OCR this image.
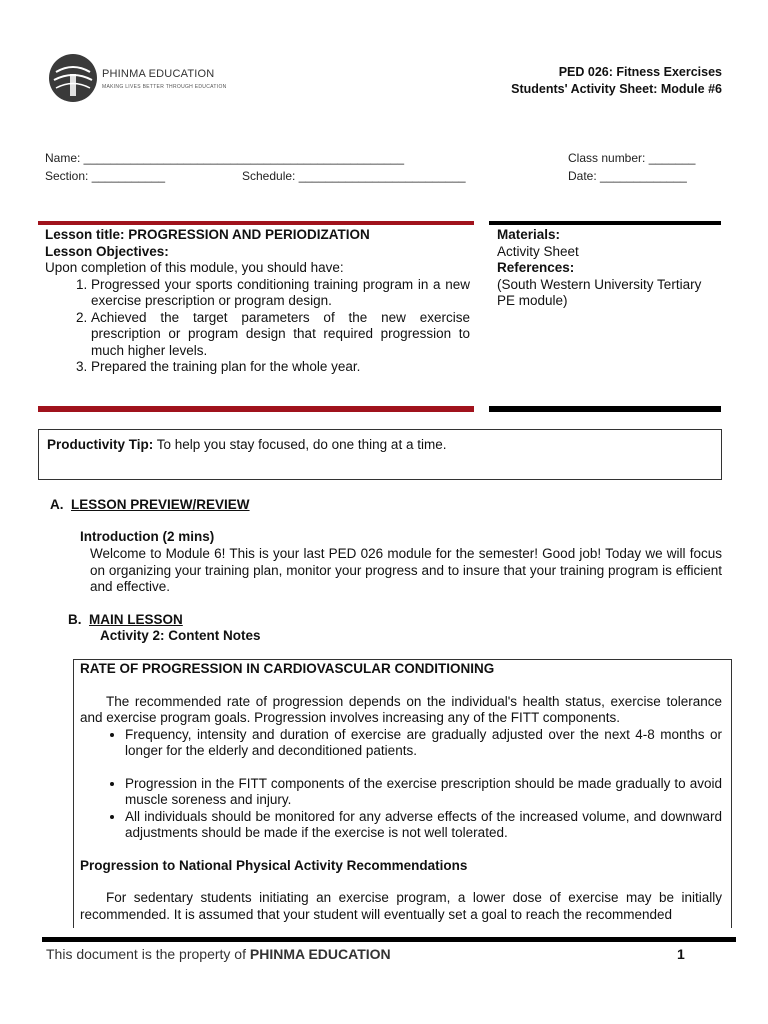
PHINMA EDUCATION
MAKING LIVES BETTER THROUGH EDUCATION
PED 026: Fitness Exercises
Students' Activity Sheet: Module #6
Name: ________________________________________________
Section: ___________	Schedule: _________________________
Class number: _______
Date: _____________
Lesson title: PROGRESSION AND PERIODIZATION
Lesson Objectives:
Upon completion of this module, you should have:
1. Progressed your sports conditioning training program in a new exercise prescription or program design.
2. Achieved the target parameters of the new exercise prescription or program design that required progression to much higher levels.
3. Prepared the training plan for the whole year.
Materials:
Activity Sheet
References:
(South Western University Tertiary PE module)
Productivity Tip: To help you stay focused, do one thing at a time.
A. LESSON PREVIEW/REVIEW
Introduction (2 mins)
Welcome to Module 6! This is your last PED 026 module for the semester! Good job! Today we will focus on organizing your training plan, monitor your progress and to insure that your training program is efficient and effective.
B. MAIN LESSON
Activity 2: Content Notes

RATE OF PROGRESSION IN CARDIOVASCULAR CONDITIONING

The recommended rate of progression depends on the individual's health status, exercise tolerance and exercise program goals. Progression involves increasing any of the FITT components.

• Frequency, intensity and duration of exercise are gradually adjusted over the next 4-8 months or longer for the elderly and deconditioned patients.
• Progression in the FITT components of the exercise prescription should be made gradually to avoid muscle soreness and injury.
• All individuals should be monitored for any adverse effects of the increased volume, and downward adjustments should be made if the exercise is not well tolerated.

Progression to National Physical Activity Recommendations

For sedentary students initiating an exercise program, a lower dose of exercise may be initially recommended. It is assumed that your student will eventually set a goal to reach the recommended

This document is the property of PHINMA EDUCATION	1
